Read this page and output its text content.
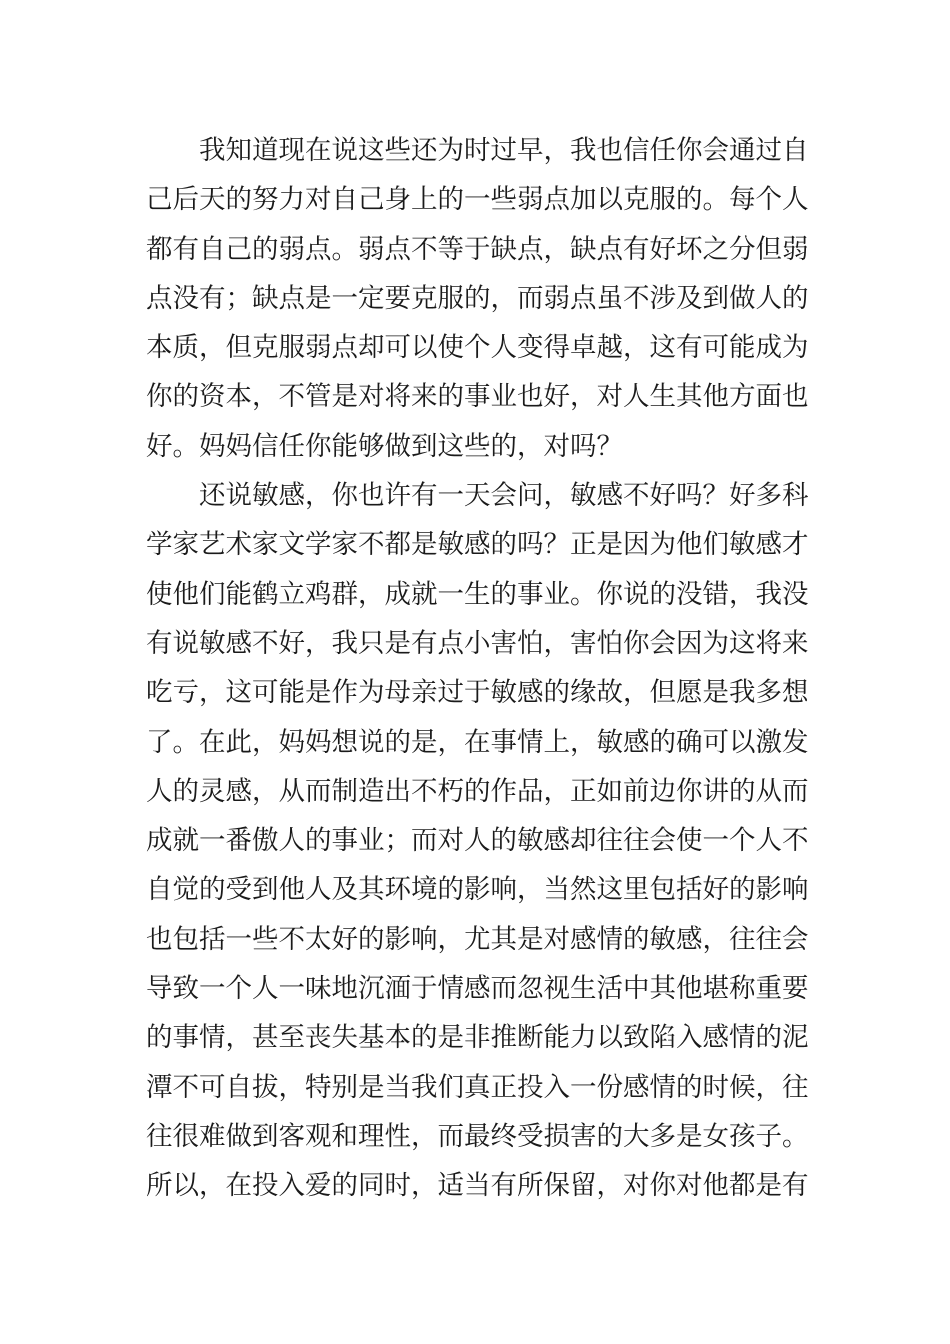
我知道现在说这些还为时过早，我也信任你会通过自
己后天的努力对自己身上的一些弱点加以克服的。每个人
都有自己的弱点。弱点不等于缺点，缺点有好坏之分但弱
点没有；缺点是一定要克服的，而弱点虽不涉及到做人的
本质，但克服弱点却可以使个人变得卓越，这有可能成为
你的资本，不管是对将来的事业也好，对人生其他方面也
好。妈妈信任你能够做到这些的，对吗？
还说敏感，你也许有一天会问，敏感不好吗？好多科
学家艺术家文学家不都是敏感的吗？正是因为他们敏感才
使他们能鹤立鸡群，成就一生的事业。你说的没错，我没
有说敏感不好，我只是有点小害怕，害怕你会因为这将来
吃亏，这可能是作为母亲过于敏感的缘故，但愿是我多想
了。在此，妈妈想说的是，在事情上，敏感的确可以激发
人的灵感，从而制造出不朽的作品，正如前边你讲的从而
成就一番傲人的事业；而对人的敏感却往往会使一个人不
自觉的受到他人及其环境的影响，当然这里包括好的影响
也包括一些不太好的影响，尤其是对感情的敏感，往往会
导致一个人一味地沉湎于情感而忽视生活中其他堪称重要
的事情，甚至丧失基本的是非推断能力以致陷入感情的泥
潭不可自拔，特别是当我们真正投入一份感情的时候，往
往很难做到客观和理性，而最终受损害的大多是女孩子。
所以，在投入爱的同时，适当有所保留，对你对他都是有
